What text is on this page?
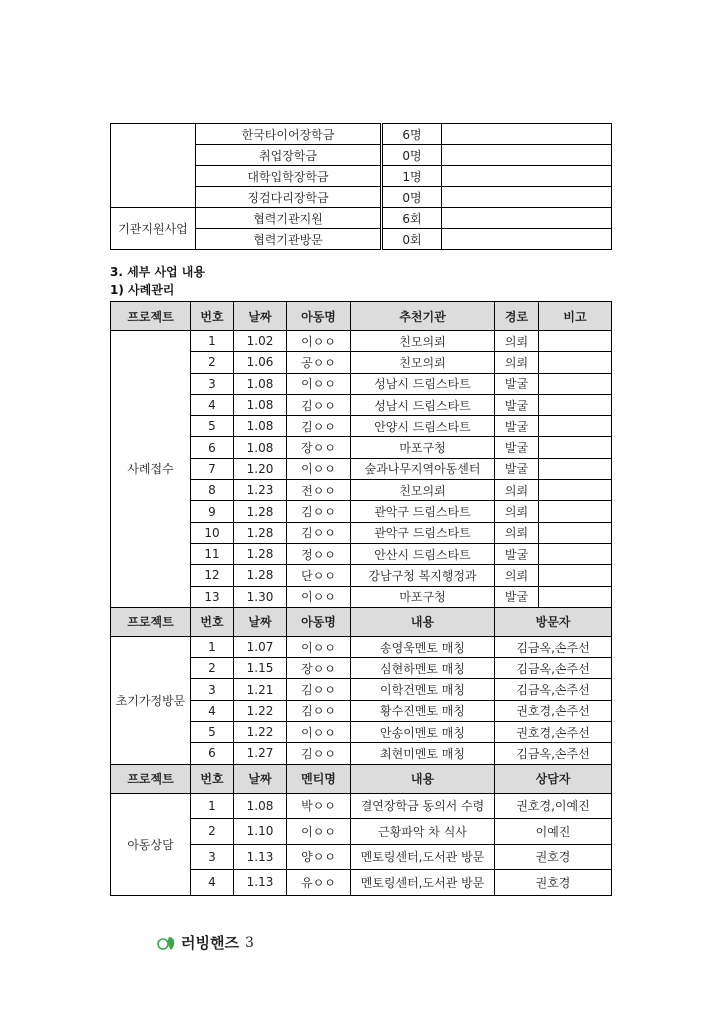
	한국타이어장학금	6명	
	취업장학금	0명	
	대학입학장학금	1명	
	징검다리장학금	0명	
기관지원사업	협력기관지원	6회	
	협력기관방문	0회	
3. 세부 사업 내용
1) 사례관리
프로젝트	번호	날짜	아동명	추천기관	경로	비고
사례접수	1	1.02	이ㅇㅇ	친모의뢰	의뢰	
	2	1.06	공ㅇㅇ	친모의뢰	의뢰	
	3	1.08	이ㅇㅇ	성남시 드림스타트	발굴	
	4	1.08	김ㅇㅇ	성남시 드림스타트	발굴	
	5	1.08	김ㅇㅇ	안양시 드림스타트	발굴	
	6	1.08	장ㅇㅇ	마포구청	발굴	
	7	1.20	이ㅇㅇ	숲과나무지역아동센터	발굴	
	8	1.23	전ㅇㅇ	친모의뢰	의뢰	
	9	1.28	김ㅇㅇ	관악구 드림스타트	의뢰	
	10	1.28	김ㅇㅇ	관악구 드림스타트	의뢰	
	11	1.28	정ㅇㅇ	안산시 드림스타트	발굴	
	12	1.28	단ㅇㅇ	강남구청 복지행정과	의뢰	
	13	1.30	이ㅇㅇ	마포구청	발굴	
프로젝트	번호	날짜	아동명	내용	방문자	
초기가정방문	1	1.07	이ㅇㅇ	송영욱멘토 매칭	김금옥,손주선	
	2	1.15	장ㅇㅇ	심현하멘토 매칭	김금옥,손주선	
	3	1.21	김ㅇㅇ	이학건멘토 매칭	김금옥,손주선	
	4	1.22	김ㅇㅇ	황수진멘토 매칭	권호경,손주선	
	5	1.22	이ㅇㅇ	안송이멘토 매칭	권호경,손주선	
	6	1.27	김ㅇㅇ	최현미멘토 매칭	김금옥,손주선	
프로젝트	번호	날짜	멘티명	내용	상담자	
아동상담	1	1.08	박ㅇㅇ	결연장학금 동의서 수령	권호경,이예진	
	2	1.10	이ㅇㅇ	근황파악 차 식사	이예진	
	3	1.13	양ㅇㅇ	멘토링센터,도서관 방문	권호경	
	4	1.13	유ㅇㅇ	멘토링센터,도서관 방문	권호경	
러빙핸즈 3
